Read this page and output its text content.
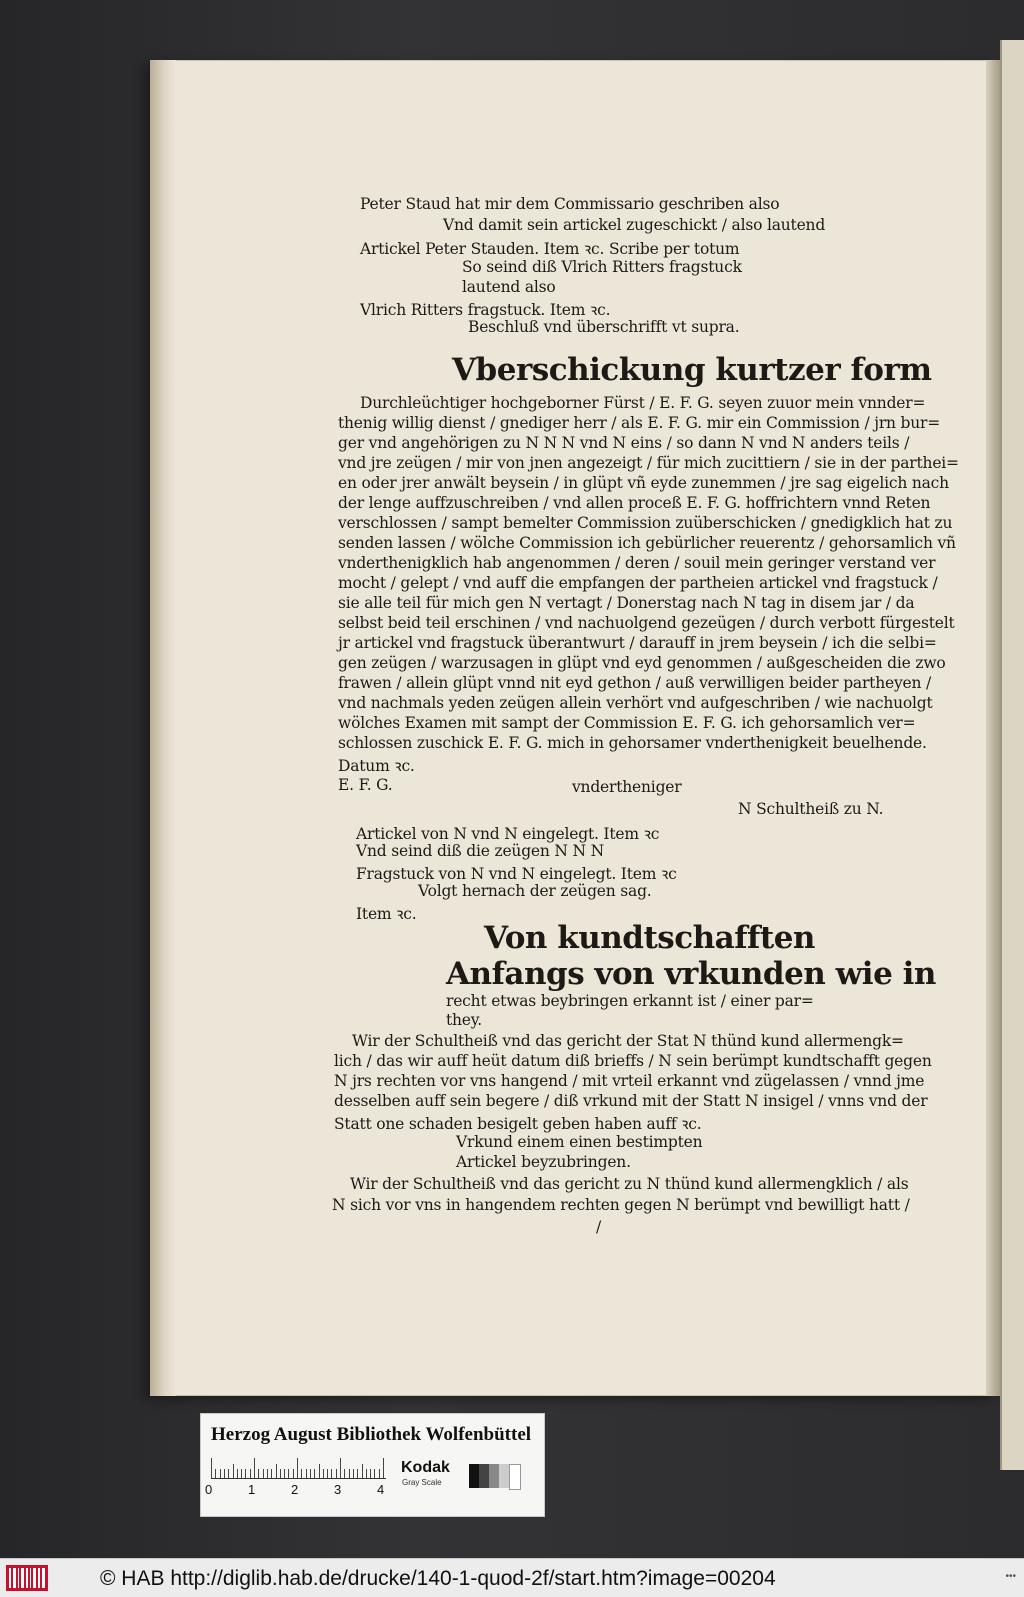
Peter Staud hat mir dem Commissario geschriben also
Vnd damit sein artickel zugeschickt / also lautend
Artickel Peter Stauden. Item ꝛc. Scribe per totum
So seind diß Vlrich Ritters fragstuck
lautend also
Vlrich Ritters fragstuck. Item ꝛc.
Beschluß vnd überschrifft vt supra.
Vberschickung kurtzer form
Durchleüchtiger hochgeborner Fürst / E. F. G. seyen zuuor mein vnnder=
thenig willig dienst / gnediger herr / als E. F. G. mir ein Commission / jrn bur=
ger vnd angehörigen zu N N N vnd N eins / so dann N vnd N anders teils /
vnd jre zeügen / mir von jnen angezeigt / für mich zucittiern / sie in der parthei=
en oder jrer anwält beysein / in glüpt vñ eyde zunemmen / jre sag eigelich nach
der lenge auffzuschreiben / vnd allen proceß E. F. G. hoffrichtern vnnd Reten
verschlossen / sampt bemelter Commission zuüberschicken / gnedigklich hat zu
senden lassen / wölche Commission ich gebürlicher reuerentz / gehorsamlich vñ
vnderthenigklich hab angenommen / deren / souil mein geringer verstand ver
mocht / gelept / vnd auff die empfangen der partheien artickel vnd fragstuck /
sie alle teil für mich gen N vertagt / Donerstag nach N tag in disem jar / da
selbst beid teil erschinen / vnd nachuolgend gezeügen / durch verbott fürgestelt
jr artickel vnd fragstuck überantwurt / darauff in jrem beysein / ich die selbi=
gen zeügen / warzusagen in glüpt vnd eyd genommen / außgescheiden die zwo
frawen / allein glüpt vnnd nit eyd gethon / auß verwilligen beider partheyen /
vnd nachmals yeden zeügen allein verhört vnd aufgeschriben / wie nachuolgt
wölches Examen mit sampt der Commission E. F. G. ich gehorsamlich ver=
schlossen zuschick E. F. G. mich in gehorsamer vnderthenigkeit beuelhende.
Datum ꝛc.
E. F. G.	vndertheniger
N Schultheiß zu N.
Artickel von N vnd N eingelegt. Item ꝛc
Vnd seind diß die zeügen N N N
Fragstuck von N vnd N eingelegt. Item ꝛc
Volgt hernach der zeügen sag.
Item ꝛc.
Von kundtschafften
Anfangs von vrkunden wie in
recht etwas beybringen erkannt ist / einer par=
they.
Wir der Schultheiß vnd das gericht der Stat N thünd kund allermengk=
lich / das wir auff heüt datum diß brieffs / N sein berümpt kundtschafft gegen
N jrs rechten vor vns hangend / mit vrteil erkannt vnd zügelassen / vnnd jme
desselben auff sein begere / diß vrkund mit der Statt N insigel / vnns vnd der
Statt one schaden besigelt geben haben auff ꝛc.
Vrkund einem einen bestimpten
Artickel beyzubringen.
Wir der Schultheiß vnd das gericht zu N thünd kund allermengklich / als
N sich vor vns in hangendem rechten gegen N berümpt vnd bewilligt hatt /
/
Herzog August Bibliothek Wolfenbüttel
0	1	2	3	4
Kodak
Gray Scale
© HAB http://diglib.hab.de/drucke/140-1-quod-2f/start.htm?image=00204	•••
